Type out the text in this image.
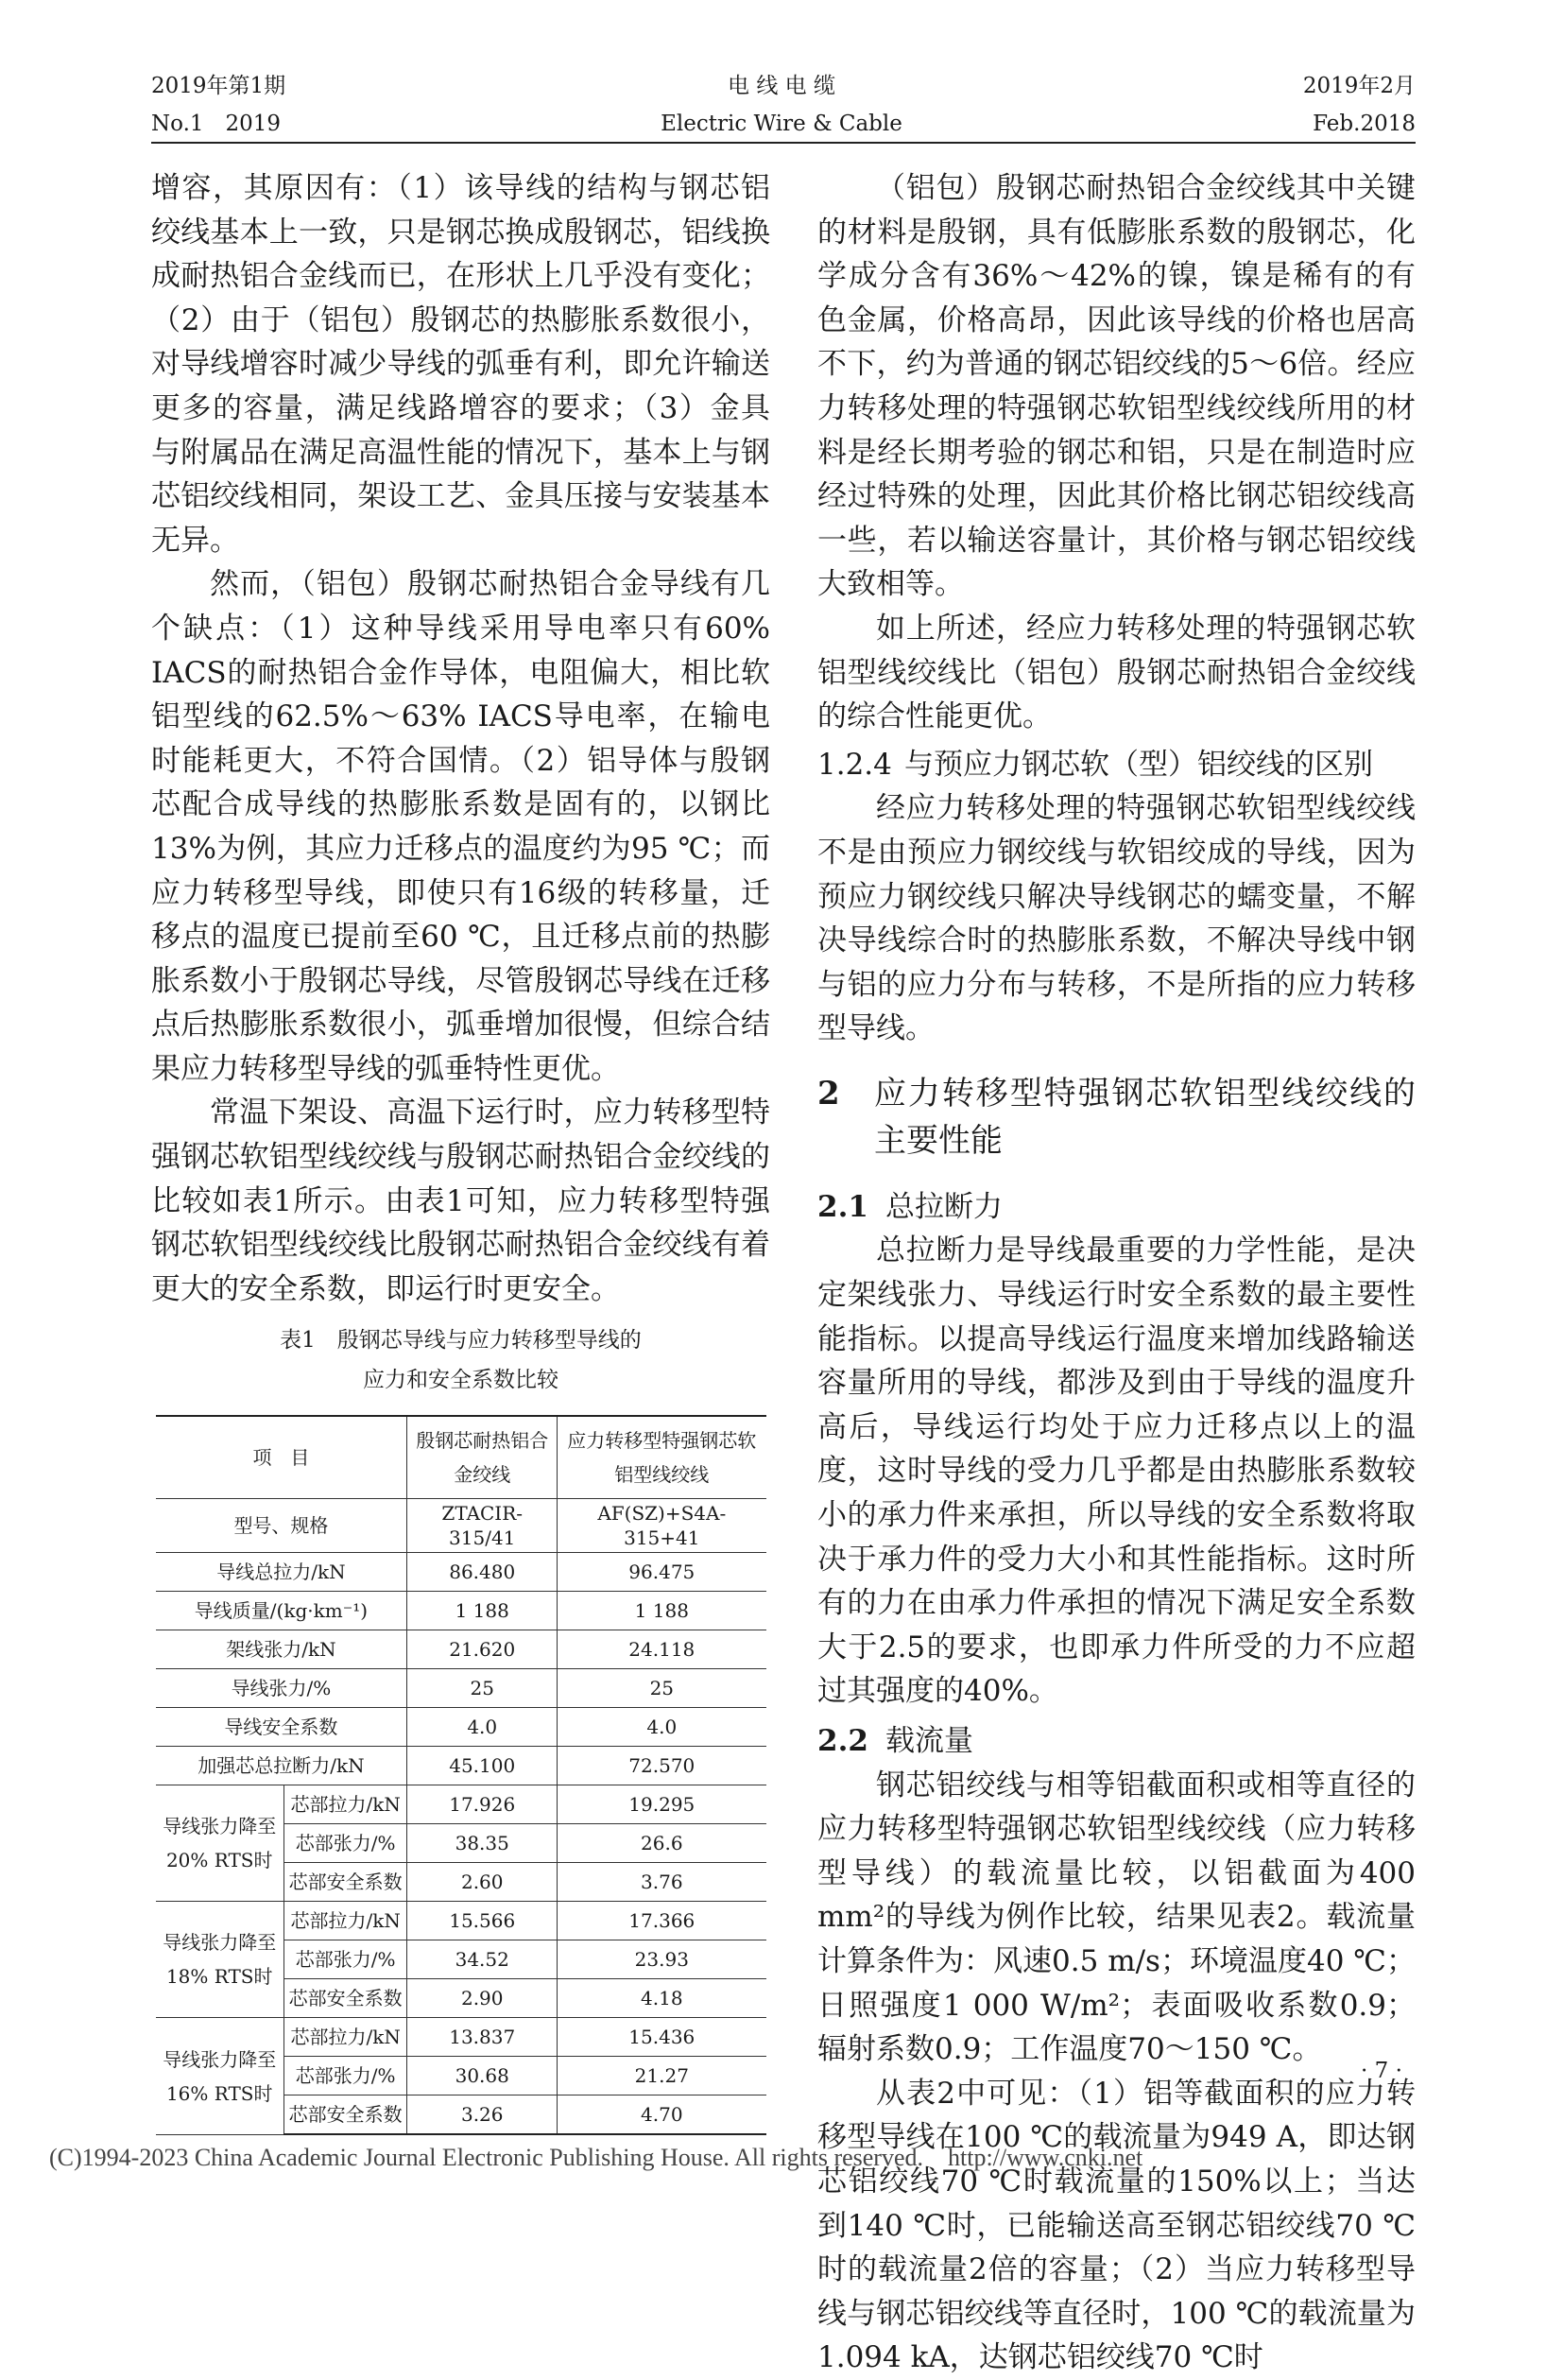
2019年第1期
No.1　2019
电 线 电 缆
Electric Wire & Cable
2019年2月
Feb.2018

增容，其原因有：（1）该导线的结构与钢芯铝绞线基本上一致，只是钢芯换成殷钢芯，铝线换成耐热铝合金线而已，在形状上几乎没有变化；（2）由于（铝包）殷钢芯的热膨胀系数很小，对导线增容时减少导线的弧垂有利，即允许输送更多的容量，满足线路增容的要求；（3）金具与附属品在满足高温性能的情况下，基本上与钢芯铝绞线相同，架设工艺、金具压接与安装基本无异。

然而，（铝包）殷钢芯耐热铝合金导线有几个缺点：（1）这种导线采用导电率只有60% IACS的耐热铝合金作导体，电阻偏大，相比软铝型线的62.5%～63% IACS导电率，在输电时能耗更大，不符合国情。（2）铝导体与殷钢芯配合成导线的热膨胀系数是固有的，以钢比13%为例，其应力迁移点的温度约为95 ℃；而应力转移型导线，即使只有16级的转移量，迁移点的温度已提前至60 ℃，且迁移点前的热膨胀系数小于殷钢芯导线，尽管殷钢芯导线在迁移点后热膨胀系数很小，弧垂增加很慢，但综合结果应力转移型导线的弧垂特性更优。

常温下架设、高温下运行时，应力转移型特强钢芯软铝型线绞线与殷钢芯耐热铝合金绞线的比较如表1所示。由表1可知，应力转移型特强钢芯软铝型线绞线比殷钢芯耐热铝合金绞线有着更大的安全系数，即运行时更安全。

表1　殷钢芯导线与应力转移型导线的
应力和安全系数比较
项　目		殷钢芯耐热铝合金绞线	应力转移型特强钢芯软铝型线绞线
型号、规格		ZTACIR-315/41	AF(SZ)+S4A-315+41
导线总拉力/kN		86.480	96.475
导线质量/(kg·km⁻¹)		1 188	1 188
架线张力/kN		21.620	24.118
导线张力/%		25	25
导线安全系数		4.0	4.0
加强芯总拉断力/kN		45.100	72.570
导线张力降至20% RTS时	芯部拉力/kN	17.926	19.295
	芯部张力/%	38.35	26.6
	芯部安全系数	2.60	3.76
导线张力降至18% RTS时	芯部拉力/kN	15.566	17.366
	芯部张力/%	34.52	23.93
	芯部安全系数	2.90	4.18
导线张力降至16% RTS时	芯部拉力/kN	13.837	15.436
	芯部张力/%	30.68	21.27
	芯部安全系数	3.26	4.70

（铝包）殷钢芯耐热铝合金绞线其中关键的材料是殷钢，具有低膨胀系数的殷钢芯，化学成分含有36%～42%的镍，镍是稀有的有色金属，价格高昂，因此该导线的价格也居高不下，约为普通的钢芯铝绞线的5～6倍。经应力转移处理的特强钢芯软铝型线绞线所用的材料是经长期考验的钢芯和铝，只是在制造时应经过特殊的处理，因此其价格比钢芯铝绞线高一些，若以输送容量计，其价格与钢芯铝绞线大致相等。

如上所述，经应力转移处理的特强钢芯软铝型线绞线比（铝包）殷钢芯耐热铝合金绞线的综合性能更优。

1.2.4 与预应力钢芯软（型）铝绞线的区别

经应力转移处理的特强钢芯软铝型线绞线不是由预应力钢绞线与软铝绞成的导线，因为预应力钢绞线只解决导线钢芯的蠕变量，不解决导线综合时的热膨胀系数，不解决导线中钢与铝的应力分布与转移，不是所指的应力转移型导线。

2	应力转移型特强钢芯软铝型线绞线的主要性能
2.1 总拉断力

总拉断力是导线最重要的力学性能，是决定架线张力、导线运行时安全系数的最主要性能指标。以提高导线运行温度来增加线路输送容量所用的导线，都涉及到由于导线的温度升高后，导线运行均处于应力迁移点以上的温度，这时导线的受力几乎都是由热膨胀系数较小的承力件来承担，所以导线的安全系数将取决于承力件的受力大小和其性能指标。这时所有的力在由承力件承担的情况下满足安全系数大于2.5的要求，也即承力件所受的力不应超过其强度的40%。

2.2 载流量

钢芯铝绞线与相等铝截面积或相等直径的应力转移型特强钢芯软铝型线绞线（应力转移型导线）的载流量比较，以铝截面为400 mm²的导线为例作比较，结果见表2。载流量计算条件为：风速0.5 m/s；环境温度40 ℃；日照强度1 000 W/m²；表面吸收系数0.9；辐射系数0.9；工作温度70～150 ℃。

从表2中可见：（1）铝等截面积的应力转移型导线在100 ℃的载流量为949 A，即达钢芯铝绞线70 ℃时载流量的150%以上；当达到140 ℃时，已能输送高至钢芯铝绞线70 ℃时的载流量2倍的容量；（2）当应力转移型导线与钢芯铝绞线等直径时，100 ℃的载流量为1.094 kA，达钢芯铝绞线70 ℃时

· 7 ·
(C)1994-2023 China Academic Journal Electronic Publishing House. All rights reserved.　http://www.cnki.net
